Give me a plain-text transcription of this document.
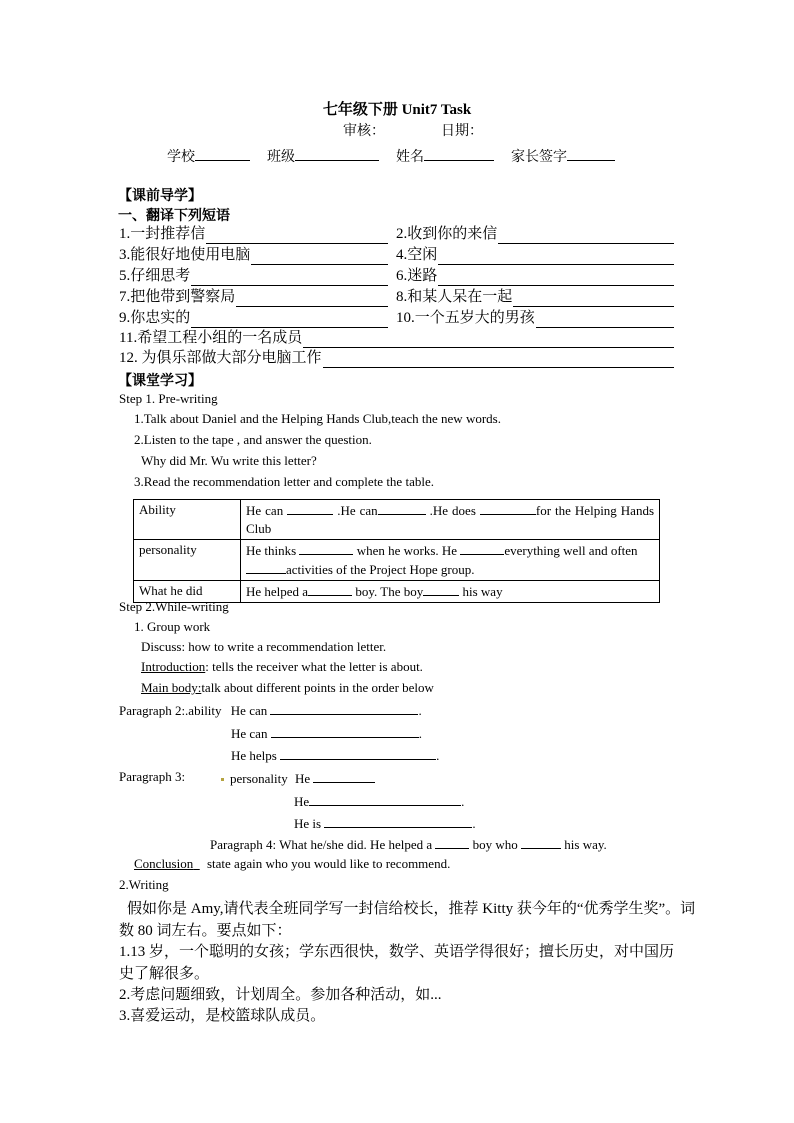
七年级下册 Unit7 Task
审核：	日期：
学校	班级	姓名	家长签字
【课前导学】
一、翻译下列短语
1.一封推荐信	2.收到你的来信
3.能很好地使用电脑	4.空闲
5.仔细思考	6.迷路
7.把他带到警察局	8.和某人呆在一起
9.你忠实的	10.一个五岁大的男孩
11.希望工程小组的一名成员
12. 为俱乐部做大部分电脑工作
【课堂学习】
Step 1. Pre-writing
1.Talk about Daniel and the Helping Hands Club,teach the new words.
2.Listen to the tape , and answer the question.
Why did Mr. Wu write this letter?
3.Read the recommendation letter and complete the table.
Ability	He can .He can .He does for the Helping Hands Club
personality	He thinks when he works. He everything well and often activities of the Project Hope group.
What he did	He helped a boy. The boy his way
Step 2.While-writing
1. Group work
Discuss: how to write a recommendation letter.
Introduction: tells the receiver what the letter is about.
Main body:talk about different points in the order below
Paragraph 2:.ability He can	.
He can	.
He helps	.
Paragraph 3:	personality He
He	.
He is	.
Paragraph 4: What he/she did. He helped a	boy who	his way.
Conclusion state again who you would like to recommend.
2.Writing
假如你是 Amy,请代表全班同学写一封信给校长，推荐 Kitty 获今年的“优秀学生奖”。词
数 80 词左右。要点如下：
1.13 岁，一个聪明的女孩；学东西很快，数学、英语学得很好；擅长历史，对中国历
史了解很多。
2.考虑问题细致，计划周全。参加各种活动，如...
3.喜爱运动，是校篮球队成员。
